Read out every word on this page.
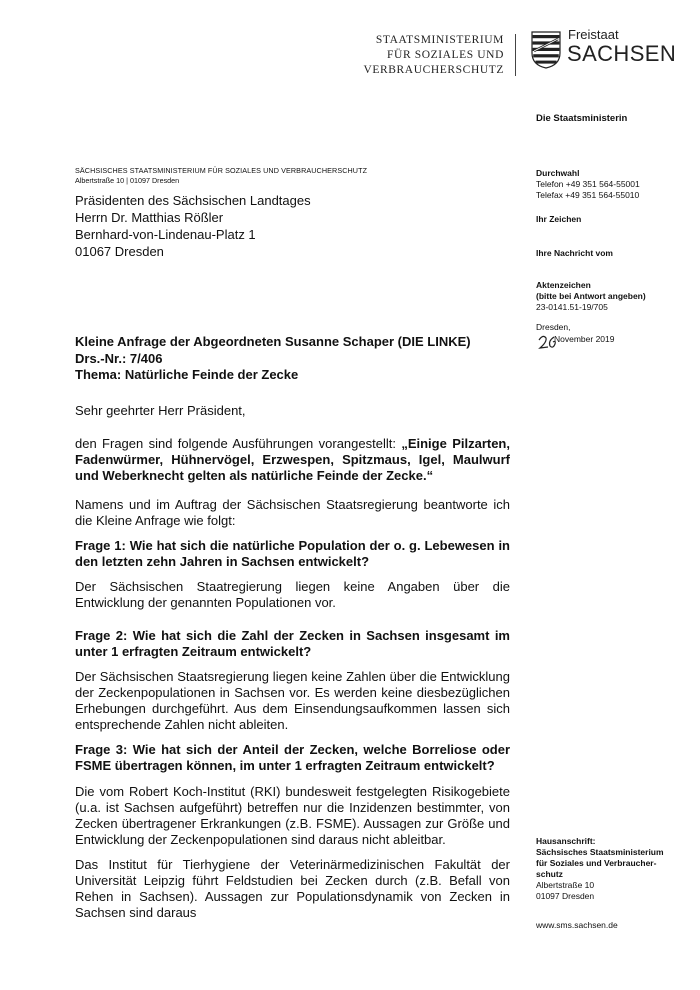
STAATSMINISTERIUM
FÜR SOZIALES UND
VERBRAUCHERSCHUTZ
Freistaat
SACHSEN
Die Staatsministerin
Durchwahl
Telefon +49 351 564-55001
Telefax +49 351 564-55010
Ihr Zeichen
Ihre Nachricht vom
Aktenzeichen
(bitte bei Antwort angeben)
23-0141.51-19/705
Dresden,
November 2019
Hausanschrift:
Sächsisches Staatsministerium
für Soziales und Verbraucher-
schutz
Albertstraße 10
01097 Dresden
www.sms.sachsen.de
SÄCHSISCHES STAATSMINISTERIUM FÜR SOZIALES UND VERBRAUCHERSCHUTZ
Albertstraße 10 | 01097 Dresden
Präsidenten des Sächsischen Landtages
Herrn Dr. Matthias Rößler
Bernhard-von-Lindenau-Platz 1
01067 Dresden
Kleine Anfrage der Abgeordneten Susanne Schaper (DIE LINKE)
Drs.-Nr.: 7/406
Thema: Natürliche Feinde der Zecke

Sehr geehrter Herr Präsident,

den Fragen sind folgende Ausführungen vorangestellt: „Einige Pilzarten, Fadenwürmer, Hühnervögel, Erzwespen, Spitzmaus, Igel, Maulwurf und Weberknecht gelten als natürliche Feinde der Zecke.“

Namens und im Auftrag der Sächsischen Staatsregierung beantworte ich die Kleine Anfrage wie folgt:

Frage 1: Wie hat sich die natürliche Population der o. g. Lebewesen in den letzten zehn Jahren in Sachsen entwickelt?

Der Sächsischen Staatregierung liegen keine Angaben über die Entwicklung der genannten Populationen vor.

Frage 2: Wie hat sich die Zahl der Zecken in Sachsen insgesamt im unter 1 erfragten Zeitraum entwickelt?

Der Sächsischen Staatsregierung liegen keine Zahlen über die Entwicklung der Zeckenpopulationen in Sachsen vor. Es werden keine diesbezüglichen Erhebungen durchgeführt. Aus dem Einsendungsaufkommen lassen sich entsprechende Zahlen nicht ableiten.

Frage 3: Wie hat sich der Anteil der Zecken, welche Borreliose oder FSME übertragen können, im unter 1 erfragten Zeitraum entwickelt?

Die vom Robert Koch-Institut (RKI) bundesweit festgelegten Risikogebiete (u.a. ist Sachsen aufgeführt) betreffen nur die Inzidenzen bestimmter, von Zecken übertragener Erkrankungen (z.B. FSME). Aussagen zur Größe und Entwicklung der Zeckenpopulationen sind daraus nicht ableitbar.

Das Institut für Tierhygiene der Veterinärmedizinischen Fakultät der Universität Leipzig führt Feldstudien bei Zecken durch (z.B. Befall von Rehen in Sachsen). Aussagen zur Populationsdynamik von Zecken in Sachsen sind daraus
